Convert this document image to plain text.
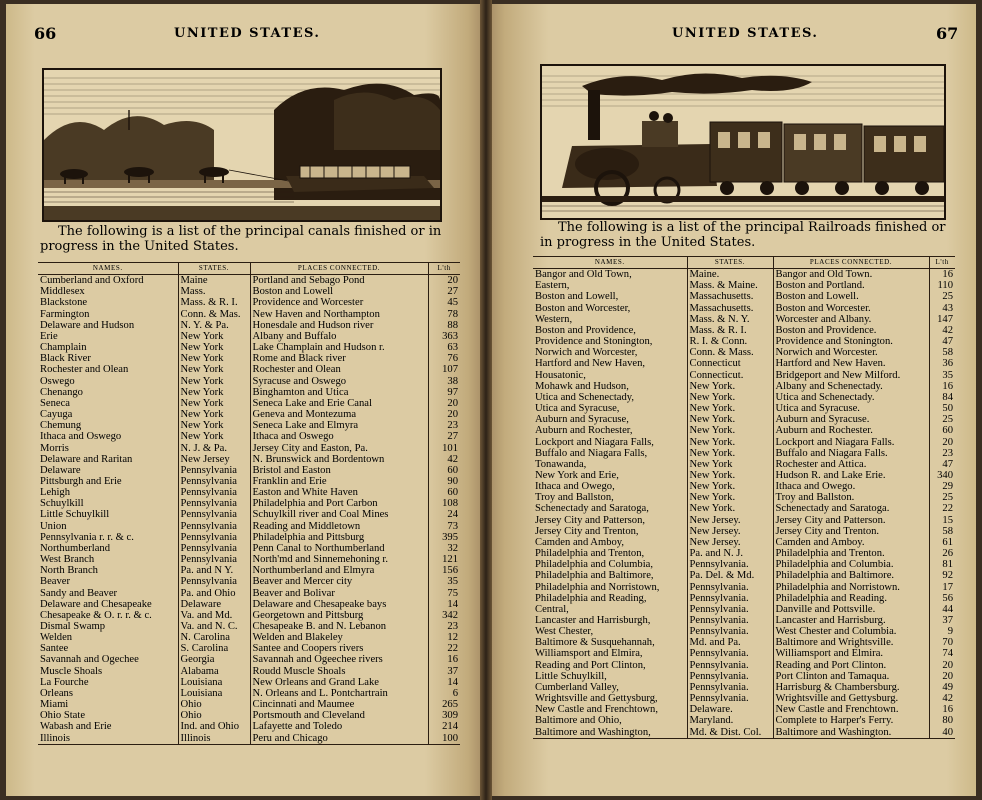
66	UNITED STATES.
The following is a list of the principal canals finished or in progress in the United States.
NAMES.	STATES.	PLACES CONNECTED.	L'th
Cumberland and Oxford	Maine	Portland and Sebago Pond	20
Middlesex	Mass.	Boston and Lowell	27
Blackstone	Mass. & R. I.	Providence and Worcester	45
Farmington	Conn. & Mas.	New Haven and Northampton	78
Delaware and Hudson	N. Y. & Pa.	Honesdale and Hudson river	88
Erie	New York	Albany and Buffalo	363
Champlain	New York	Lake Champlain and Hudson r.	63
Black River	New York	Rome and Black river	76
Rochester and Olean	New York	Rochester and Olean	107
Oswego	New York	Syracuse and Oswego	38
Chenango	New York	Binghamton and Utica	97
Seneca	New York	Seneca Lake and Erie Canal	20
Cayuga	New York	Geneva and Montezuma	20
Chemung	New York	Seneca Lake and Elmyra	23
Ithaca and Oswego	New York	Ithaca and Oswego	27
Morris	N. J. & Pa.	Jersey City and Easton, Pa.	101
Delaware and Raritan	New Jersey	N. Brunswick and Bordentown	42
Delaware	Pennsylvania	Bristol and Easton	60
Pittsburgh and Erie	Pennsylvania	Franklin and Erie	90
Lehigh	Pennsylvania	Easton and White Haven	60
Schuylkill	Pennsylvania	Philadelphia and Port Carbon	108
Little Schuylkill	Pennsylvania	Schuylkill river and Coal Mines	24
Union	Pennsylvania	Reading and Middletown	73
Pennsylvania r. r. & c.	Pennsylvania	Philadelphia and Pittsburg	395
Northumberland	Pennsylvania	Penn Canal to Northumberland	32
West Branch	Pennsylvania	North'md and Sinnemehoning r.	121
North Branch	Pa. and N Y.	Northumberland and Elmyra	156
Beaver	Pennsylvania	Beaver and Mercer city	35
Sandy and Beaver	Pa. and Ohio	Beaver and Bolivar	75
Delaware and Chesapeake	Delaware	Delaware and Chesapeake bays	14
Chesapeake & O. r. r. & c.	Va. and Md.	Georgetown and Pittsburg	342
Dismal Swamp	Va. and N. C.	Chesapeake B. and N. Lebanon	23
Welden	N. Carolina	Welden and Blakeley	12
Santee	S. Carolina	Santee and Coopers rivers	22
Savannah and Ogechee	Georgia	Savannah and Ogeechee rivers	16
Muscle Shoals	Alabama	Roudd Muscle Shoals	37
La Fourche	Louisiana	New Orleans and Grand Lake	14
Orleans	Louisiana	N. Orleans and L. Pontchartrain	6
Miami	Ohio	Cincinnati and Maumee	265
Ohio State	Ohio	Portsmouth and Cleveland	309
Wabash and Erie	Ind. and Ohio	Lafayette and Toledo	214
Illinois	Illinois	Peru and Chicago	100
UNITED STATES.	67
The following is a list of the principal Railroads finished or in progress in the United States.
NAMES.	STATES.	PLACES CONNECTED.	L'th
Bangor and Old Town,	Maine.	Bangor and Old Town.	16
Eastern,	Mass. & Maine.	Boston and Portland.	110
Boston and Lowell,	Massachusetts.	Boston and Lowell.	25
Boston and Worcester,	Massachusetts.	Boston and Worcester.	43
Western,	Mass. & N. Y.	Worcester and Albany.	147
Boston and Providence,	Mass. & R. I.	Boston and Providence.	42
Providence and Stonington,	R. I. & Conn.	Providence and Stonington.	47
Norwich and Worcester,	Conn. & Mass.	Norwich and Worcester.	58
Hartford and New Haven,	Connecticut	Hartford and New Haven.	36
Housatonic,	Connecticut.	Bridgeport and New Milford.	35
Mohawk and Hudson,	New York.	Albany and Schenectady.	16
Utica and Schenectady,	New York.	Utica and Schenectady.	84
Utica and Syracuse,	New York.	Utica and Syracuse.	50
Auburn and Syracuse,	New York.	Auburn and Syracuse.	25
Auburn and Rochester,	New York.	Auburn and Rochester.	60
Lockport and Niagara Falls,	New York.	Lockport and Niagara Falls.	20
Buffalo and Niagara Falls,	New York.	Buffalo and Niagara Falls.	23
Tonawanda,	New York	Rochester and Attica.	47
New York and Erie,	New York.	Hudson R. and Lake Erie.	340
Ithaca and Owego,	New York.	Ithaca and Owego.	29
Troy and Ballston,	New York.	Troy and Ballston.	25
Schenectady and Saratoga,	New York.	Schenectady and Saratoga.	22
Jersey City and Patterson,	New Jersey.	Jersey City and Patterson.	15
Jersey City and Trenton,	New Jersey.	Jersey City and Trenton.	58
Camden and Amboy,	New Jersey.	Camden and Amboy.	61
Philadelphia and Trenton,	Pa. and N. J.	Philadelphia and Trenton.	26
Philadelphia and Columbia,	Pennsylvania.	Philadelphia and Columbia.	81
Philadelphia and Baltimore,	Pa. Del. & Md.	Philadelphia and Baltimore.	92
Philadelphia and Norristown,	Pennsylvania.	Philadelphia and Norristown.	17
Philadelphia and Reading,	Pennsylvania.	Philadelphia and Reading.	56
Central,	Pennsylvania.	Danville and Pottsville.	44
Lancaster and Harrisburgh,	Pennsylvania.	Lancaster and Harrisburg.	37
West Chester,	Pennsylvania.	West Chester and Columbia.	9
Baltimore & Susquehannah,	Md. and Pa.	Baltimore and Wrightsville.	70
Williamsport and Elmira,	Pennsylvania.	Williamsport and Elmira.	74
Reading and Port Clinton,	Pennsylvania.	Reading and Port Clinton.	20
Little Schuylkill,	Pennsylvania.	Port Clinton and Tamaqua.	20
Cumberland Valley,	Pennsylvania.	Harrisburg & Chambersburg.	49
Wrightsville and Gettysburg,	Pennsylvania.	Wrightsville and Gettysburg.	42
New Castle and Frenchtown,	Delaware.	New Castle and Frenchtown.	16
Baltimore and Ohio,	Maryland.	Complete to Harper's Ferry.	80
Baltimore and Washington,	Md. & Dist. Col.	Baltimore and Washington.	40
